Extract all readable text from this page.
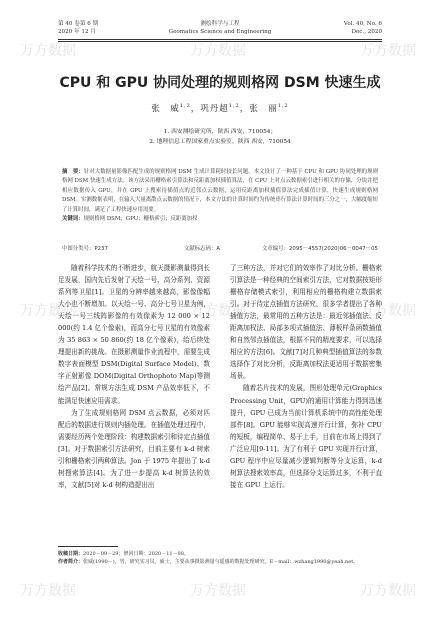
万方数据	万方数据	万方数据
万方数据	万方数据	万方数据
万方数据	万方数据	万方数据
第 40 卷第 6 期
2020 年 12 月
测绘科学与工程
Geomatics Science and Engineering
Vol. 40, No. 6
Dec., 2020
CPU 和 GPU 协同处理的规则格网 DSM 快速生成
张　威$^{1,2}$，巩丹超$^{1,2}$，张　丽$^{1,2}$
1. 西安测绘研究所，陕西 西安，710054；
2. 地理信息工程国家重点实验室，陕西 西安，710054
摘　要：针对大数据量影像匹配生成的规则格网 DSM 生成计算耗时较长问题，本文设计了一种基于 CPU 和 GPU 协同处理的规则格网 DSM 快速生成方法。该方法采用栅格索引算法和反距离加权插值算法，在 CPU 上对点云数据索引进行相关的存储，分块并把相应数据传入 GPU，并在 GPU 上搜索待插值点的近邻点云数据，运用反距离加权插值算法完成插值计算，快速生成规则格网 DSM。实测数据表明，在输入大量离散点云数据的情况下，本文方法的计算时间约为传统串行算法计算时间的三分之一，大幅度缩短了计算时间，满足了工程快速应用需要。
关键词：规则格网 DSM；GPU；栅格索引；反距离加权
中图分类号：P237	文献标志码：A	文章编号：2095－4557(2020)06－0047－05

随着科学技术的不断进步，航天摄影测量得到长足发展，国内先后发射了天绘一号、高分系列、资源系列等卫星[1]。卫星的分辨率越来越高，影像像幅大小也不断增加。以天绘一号、高分七号卫星为例，天绘一号三线阵影像的有效像素为 12 000 × 12 000(约 1.4 亿个像素)，而高分七号卫星的有效像素为 35 863 × 50 860(约 18 亿个像素)，给后续处理提出新的挑战。在摄影测量作业流程中，需要生成数字表面模型 DSM(Digital Surface Model)、数字正射影像 DOM(Digital Orthophoto Map)等测绘产品[2]。常规方法生成 DSM 产品效率低下，不能满足快速应用需求。

为了生成规则格网 DSM 点云数据，必须对匹配后的数据进行规则内插处理。在插值处理过程中，需要经历两个处理阶段：构建数据索引和待定点插值[3]。对于数据索引方法研究，目前主要有 k-d 树索引和栅格索引两种算法。Jon 于 1975 年提出了 k-d 树搜索算法[4]。为了进一步提高 k-d 树算法的效率，文献[5]对 k-d 树构造提出出

了三种方法，并对它们的效率作了对比分析。栅格索引算法是一种经典的空间索引方法，它对数据按矩形栅格存储模式索引，利用相应的栅格构建立数据索引。对于待定点插值方法研究，很多学者提出了各种插值方法，最常用的五种方法是：最近邻插值法、反距离加权法、局部多项式插值法、薄板样条函数插值和自然邻点插值法，根据不同的精度要求，可以选择相应的方法[6]。文献[7]对几种典型插值算法的参数选择作了对比分析，反距离加权法更适用于数据密集场景。

随着芯片技术的发展，图形处理单元(Graphics Processing Unit，GPU)的通用计算能力得到迅速提升，GPU 已成为当前计算机系统中的高性能处理部件[8]。GPU 能够实现高速并行计算，弥补 CPU 的短板，编程简单、易于上手，目前在市场上得到了广泛应用[9-11]。为了有利于 GPU 实现并行计算，GPU 程序中应尽量减少逻辑判断等分支运算，k-d 树算法搜索效率高，但选择分支运算过多，不利于直接在 GPU 上运行。

收稿日期：2020－09－29；修回日期：2020－11－08。
作者简介：张威(1990－)，男，研究实习员，硕士，主要从事摄影测量与遥感的数据处理研究。E－mail：wzhang1990@yeah.net。
